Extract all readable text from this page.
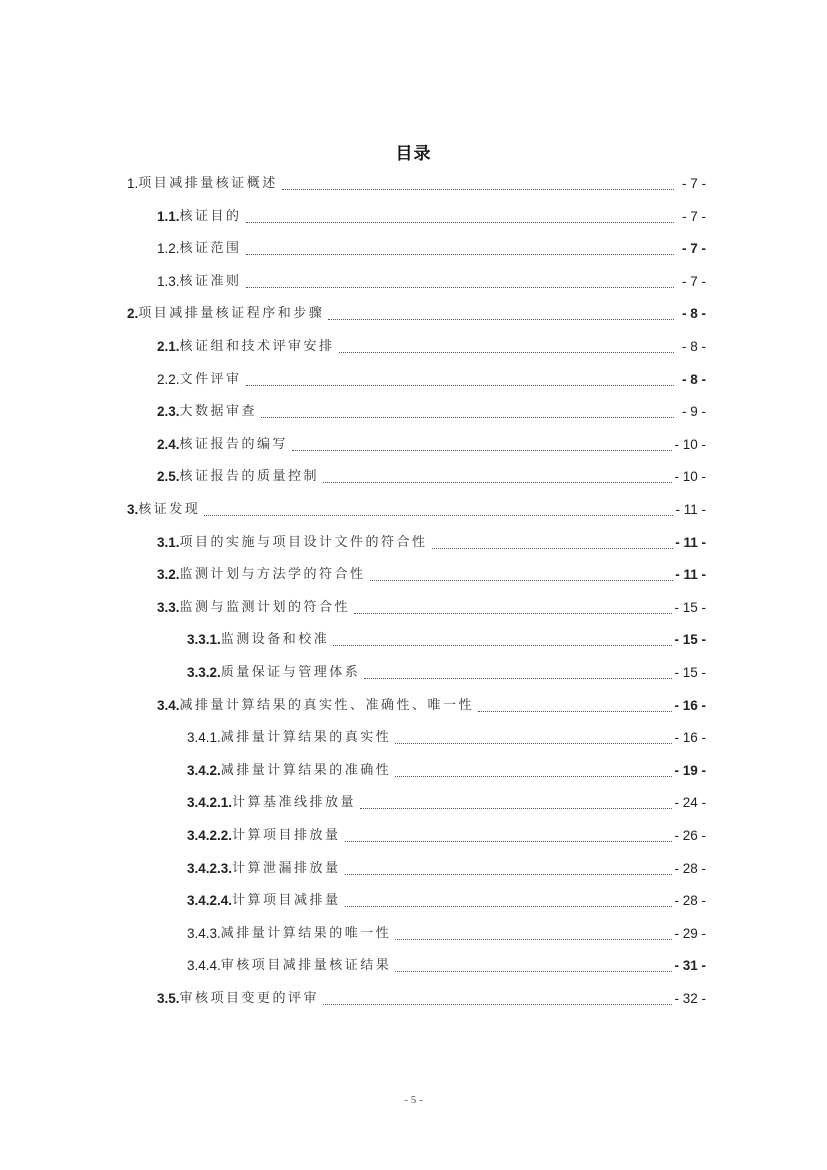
目录
1. 项目减排量核证概述	- 7 -
1.1. 核证目的	- 7 -
1.2. 核证范围	- 7 -
1.3. 核证准则	- 7 -
2. 项目减排量核证程序和步骤	- 8 -
2.1. 核证组和技术评审安排	- 8 -
2.2. 文件评审	- 8 -
2.3. 大数据审查	- 9 -
2.4. 核证报告的编写	- 10 -
2.5. 核证报告的质量控制	- 10 -
3. 核证发现	- 11 -
3.1. 项目的实施与项目设计文件的符合性	- 11 -
3.2. 监测计划与方法学的符合性	- 11 -
3.3. 监测与监测计划的符合性	- 15 -
3.3.1. 监测设备和校准	- 15 -
3.3.2. 质量保证与管理体系	- 15 -
3.4. 减排量计算结果的真实性、准确性、唯一性	- 16 -
3.4.1. 减排量计算结果的真实性	- 16 -
3.4.2. 减排量计算结果的准确性	- 19 -
3.4.2.1. 计算基准线排放量	- 24 -
3.4.2.2. 计算项目排放量	- 26 -
3.4.2.3. 计算泄漏排放量	- 28 -
3.4.2.4. 计算项目减排量	- 28 -
3.4.3. 减排量计算结果的唯一性	- 29 -
3.4.4. 审核项目减排量核证结果	- 31 -
3.5. 审核项目变更的评审	- 32 -
- 5 -
